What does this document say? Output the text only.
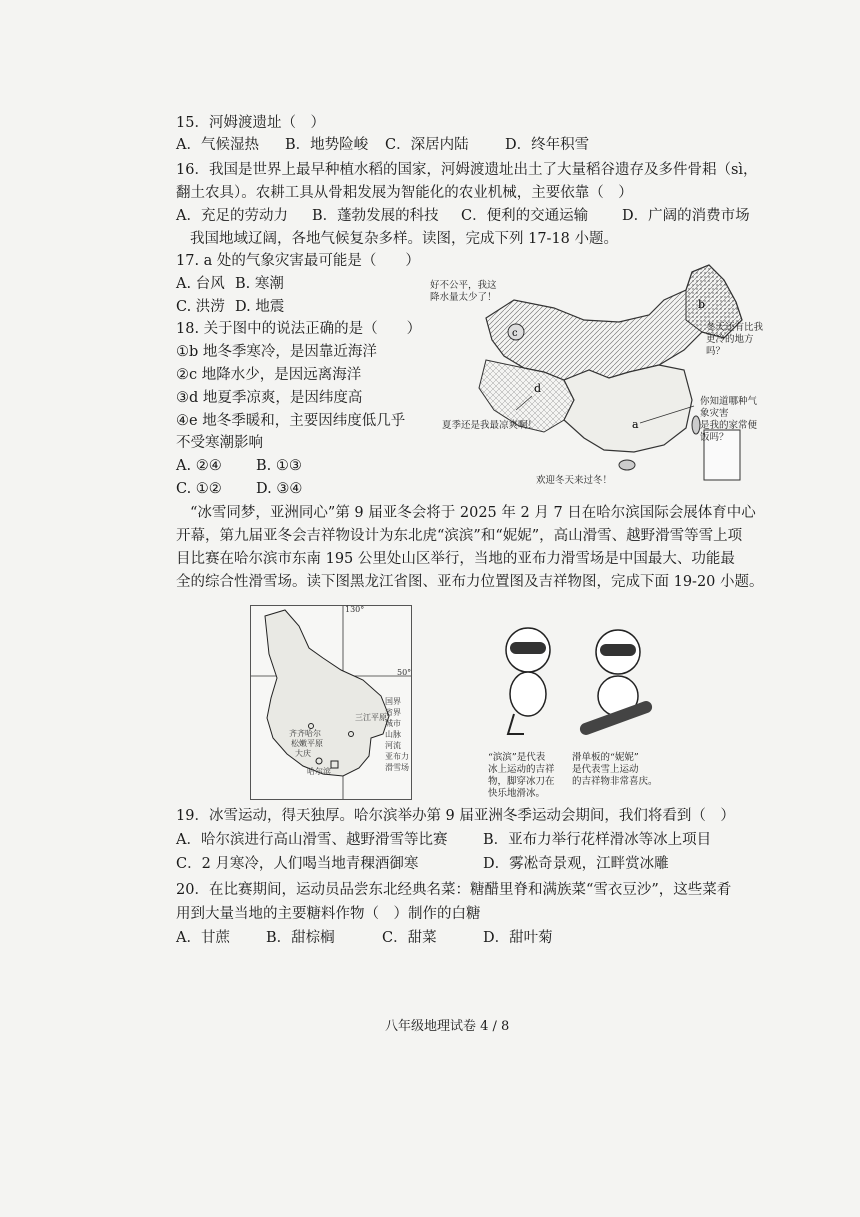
15．河姆渡遗址（　）
A．气候湿热 B．地势险峻 C．深居内陆	D．终年积雪
16．我国是世界上最早种植水稻的国家，河姆渡遗址出土了大量稻谷遗存及多件骨耜（sì，
翻土农具）。农耕工具从骨耜发展为智能化的农业机械，主要依靠（　）
A．充足的劳动力 B．蓬勃发展的科技 C．便利的交通运输 D．广阔的消费市场
我国地域辽阔，各地气候复杂多样。读图，完成下列 17-18 小题。
17. a 处的气象灾害最可能是（　　）
A. 台风 B. 寒潮
C. 洪涝 D. 地震
18. 关于图中的说法正确的是（　　）
①b 地冬季寒冷，是因靠近海洋
②c 地降水少，是因远离海洋
③d 地夏季凉爽，是因纬度高
④e 地冬季暖和，主要因纬度低几乎
不受寒潮影响
A. ②④ B. ①③
C. ①② D. ③④
c
b
d
a
好不公平，我这
降水量太少了！
冬天还有比我
更冷的地方吗？
你知道哪种气象灾害
是我的家常便饭吗？
夏季还是我最凉爽啊！
欢迎冬天来过冬！
“冰雪同梦，亚洲同心”第 9 届亚冬会将于 2025 年 2 月 7 日在哈尔滨国际会展体育中心
开幕，第九届亚冬会吉祥物设计为东北虎“滨滨”和“妮妮”，高山滑雪、越野滑雪等雪上项
目比赛在哈尔滨市东南 195 公里处山区举行，当地的亚布力滑雪场是中国最大、功能最
全的综合性滑雪场。读下图黑龙江省图、亚布力位置图及吉祥物图，完成下面 19-20 小题。
130°
50°
齐齐哈尔
松嫩平原
大庆
哈尔滨
三江平原
国界
省界
城市
山脉
河流
亚布力滑雪场
“滨滨”是代表
冰上运动的吉祥
物，脚穿冰刀在
快乐地滑冰。
滑单板的“妮妮”
是代表雪上运动
的吉祥物非常喜庆。
19．冰雪运动，得天独厚。哈尔滨举办第 9 届亚洲冬季运动会期间，我们将看到（　）
A．哈尔滨进行高山滑雪、越野滑雪等比赛 B．亚布力举行花样滑冰等冰上项目
C．2 月寒冷，人们喝当地青稞酒御寒	D．雾凇奇景观，江畔赏冰雕
20．在比赛期间，运动员品尝东北经典名菜：糖醋里脊和满族菜“雪衣豆沙”，这些菜肴
用到大量当地的主要糖料作物（　）制作的白糖
A．甘蔗 B．甜棕榈	C．甜菜	D．甜叶菊
八年级地理试卷 4 / 8
